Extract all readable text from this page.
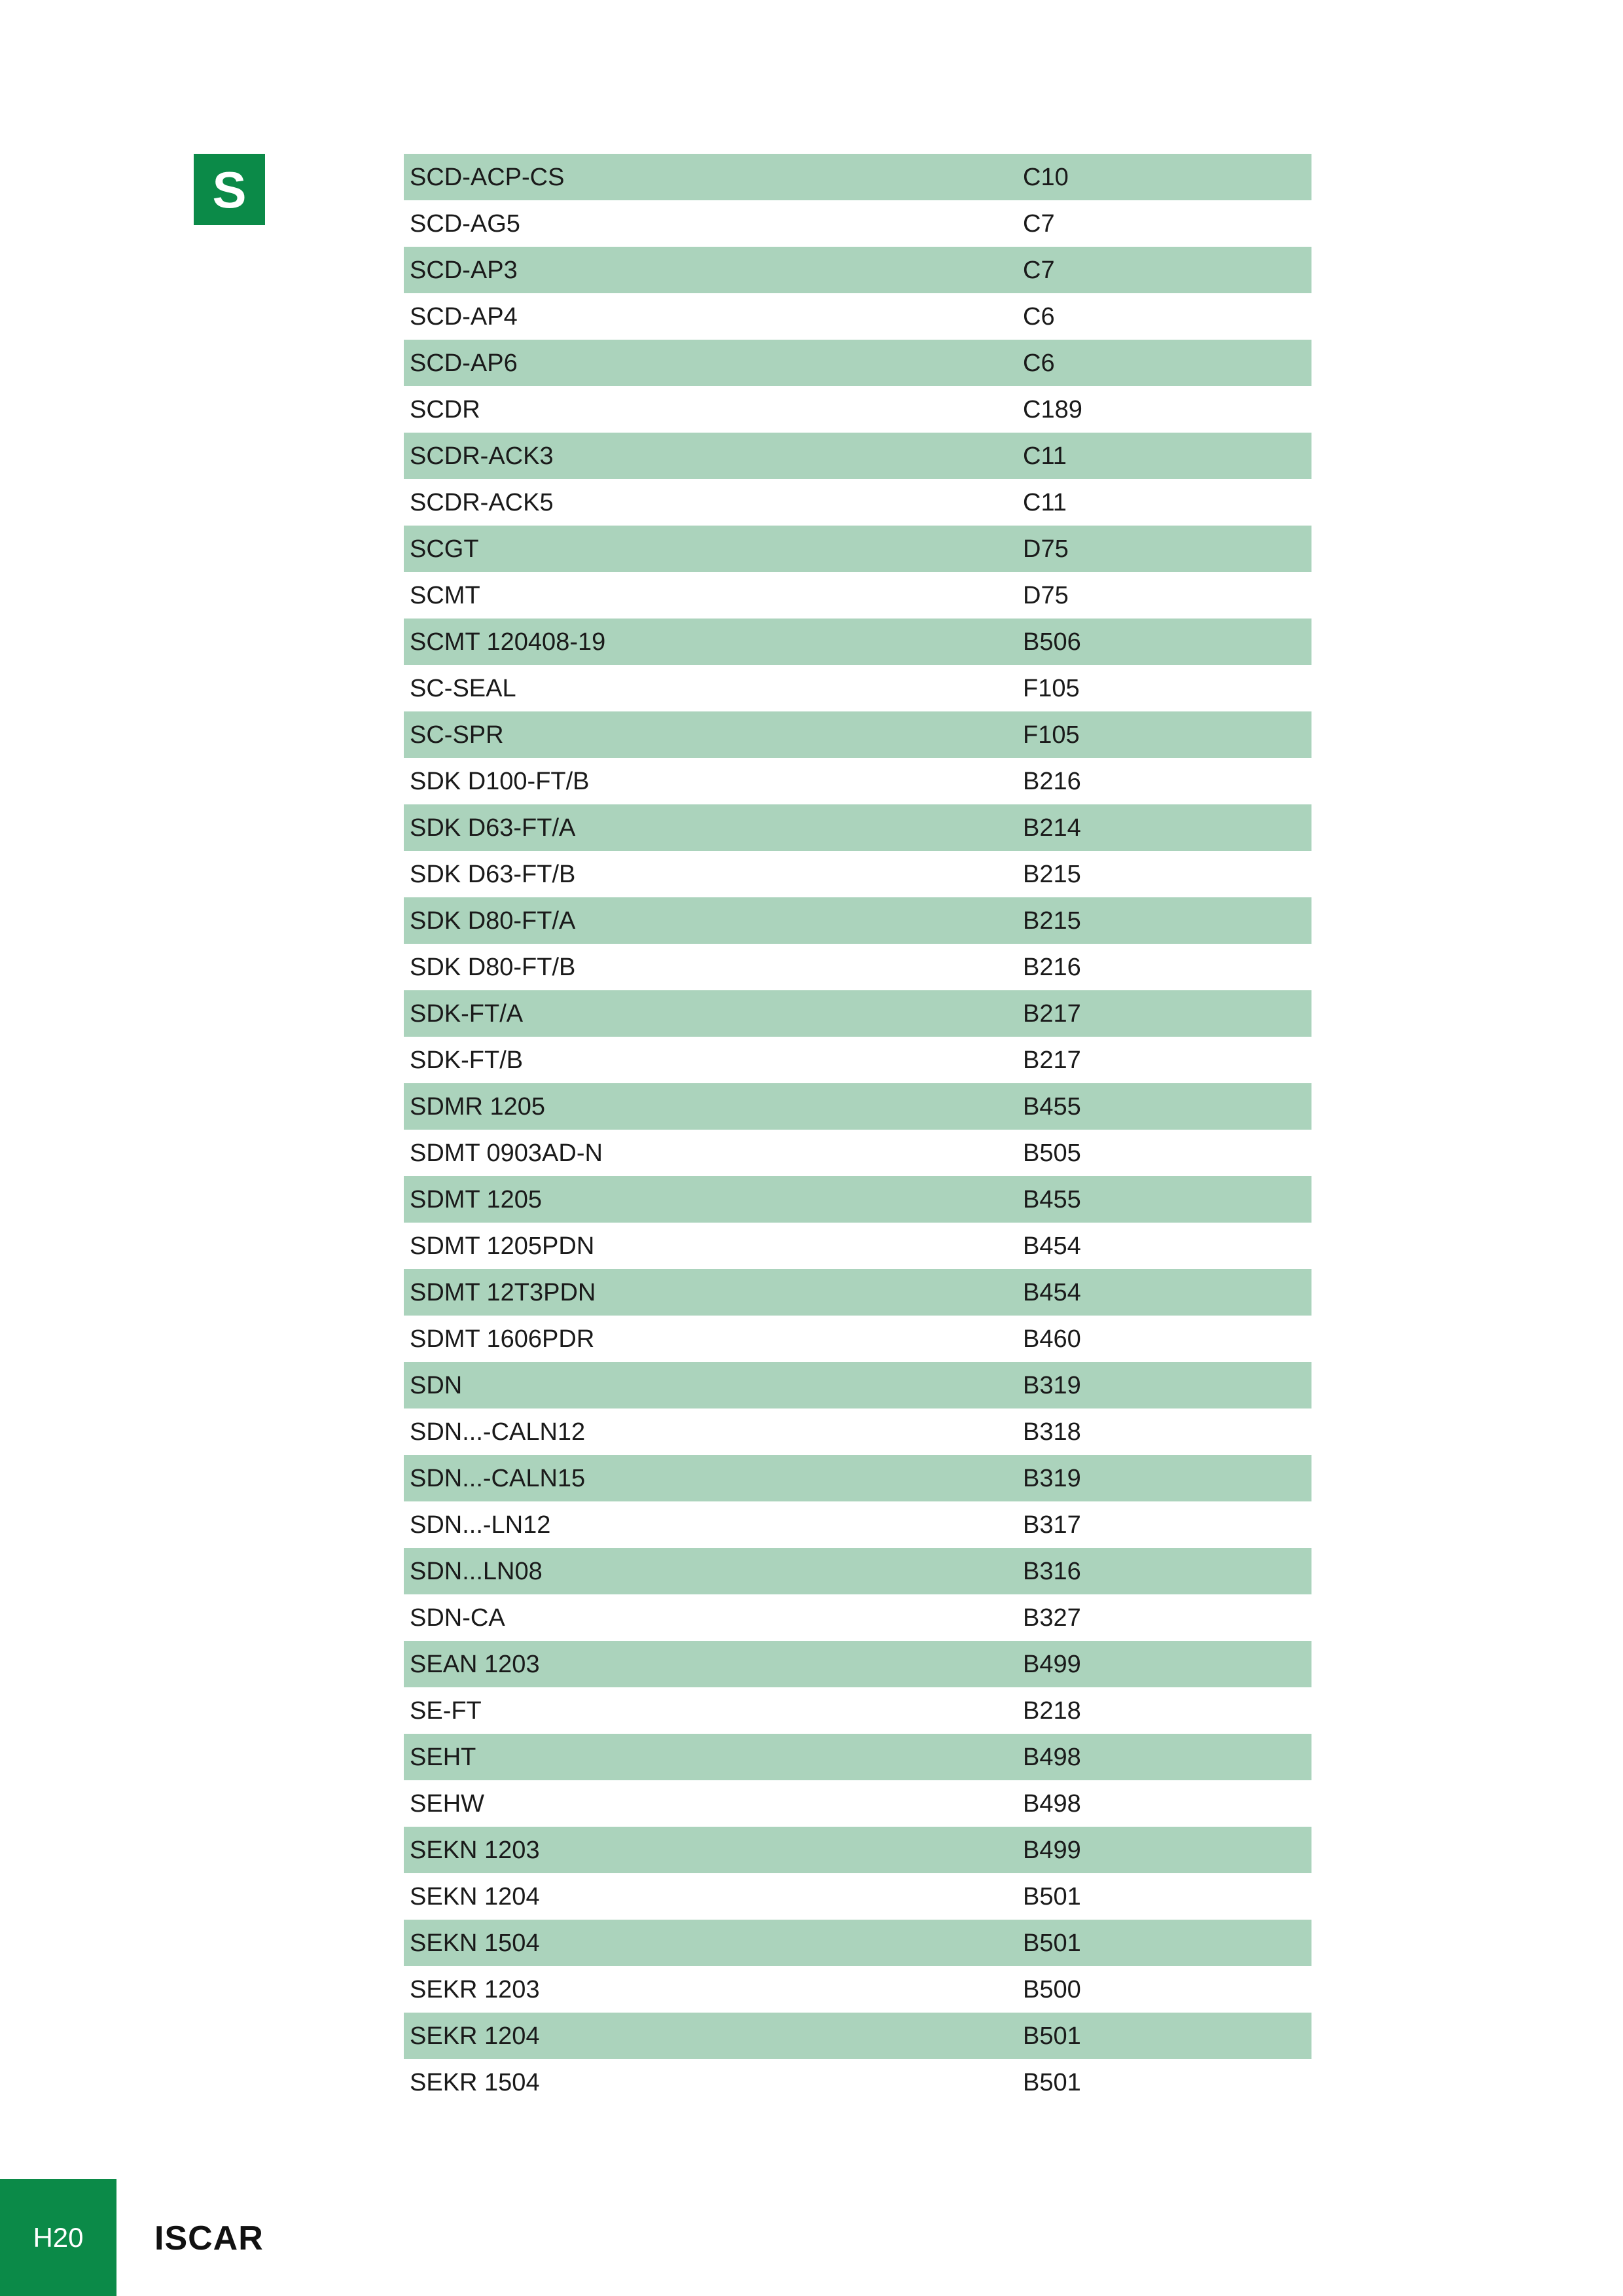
S	SCD-ACP-CS	C10
SCD-AG5	C7
SCD-AP3	C7
SCD-AP4	C6
SCD-AP6	C6
SCDR	C189
SCDR-ACK3	C11
SCDR-ACK5	C11
SCGT	D75
SCMT	D75
SCMT 120408-19	B506
SC-SEAL	F105
SC-SPR	F105
SDK D100-FT/B	B216
SDK D63-FT/A	B214
SDK D63-FT/B	B215
SDK D80-FT/A	B215
SDK D80-FT/B	B216
SDK-FT/A	B217
SDK-FT/B	B217
SDMR 1205	B455
SDMT 0903AD-N	B505
SDMT 1205	B455
SDMT 1205PDN	B454
SDMT 12T3PDN	B454
SDMT 1606PDR	B460
SDN	B319
SDN...-CALN12	B318
SDN...-CALN15	B319
SDN...-LN12	B317
SDN...LN08	B316
SDN-CA	B327
SEAN 1203	B499
SE-FT	B218
SEHT	B498
SEHW	B498
SEKN 1203	B499
SEKN 1204	B501
SEKN 1504	B501
SEKR 1203	B500
SEKR 1204	B501
SEKR 1504	B501
H20	ISCAR
